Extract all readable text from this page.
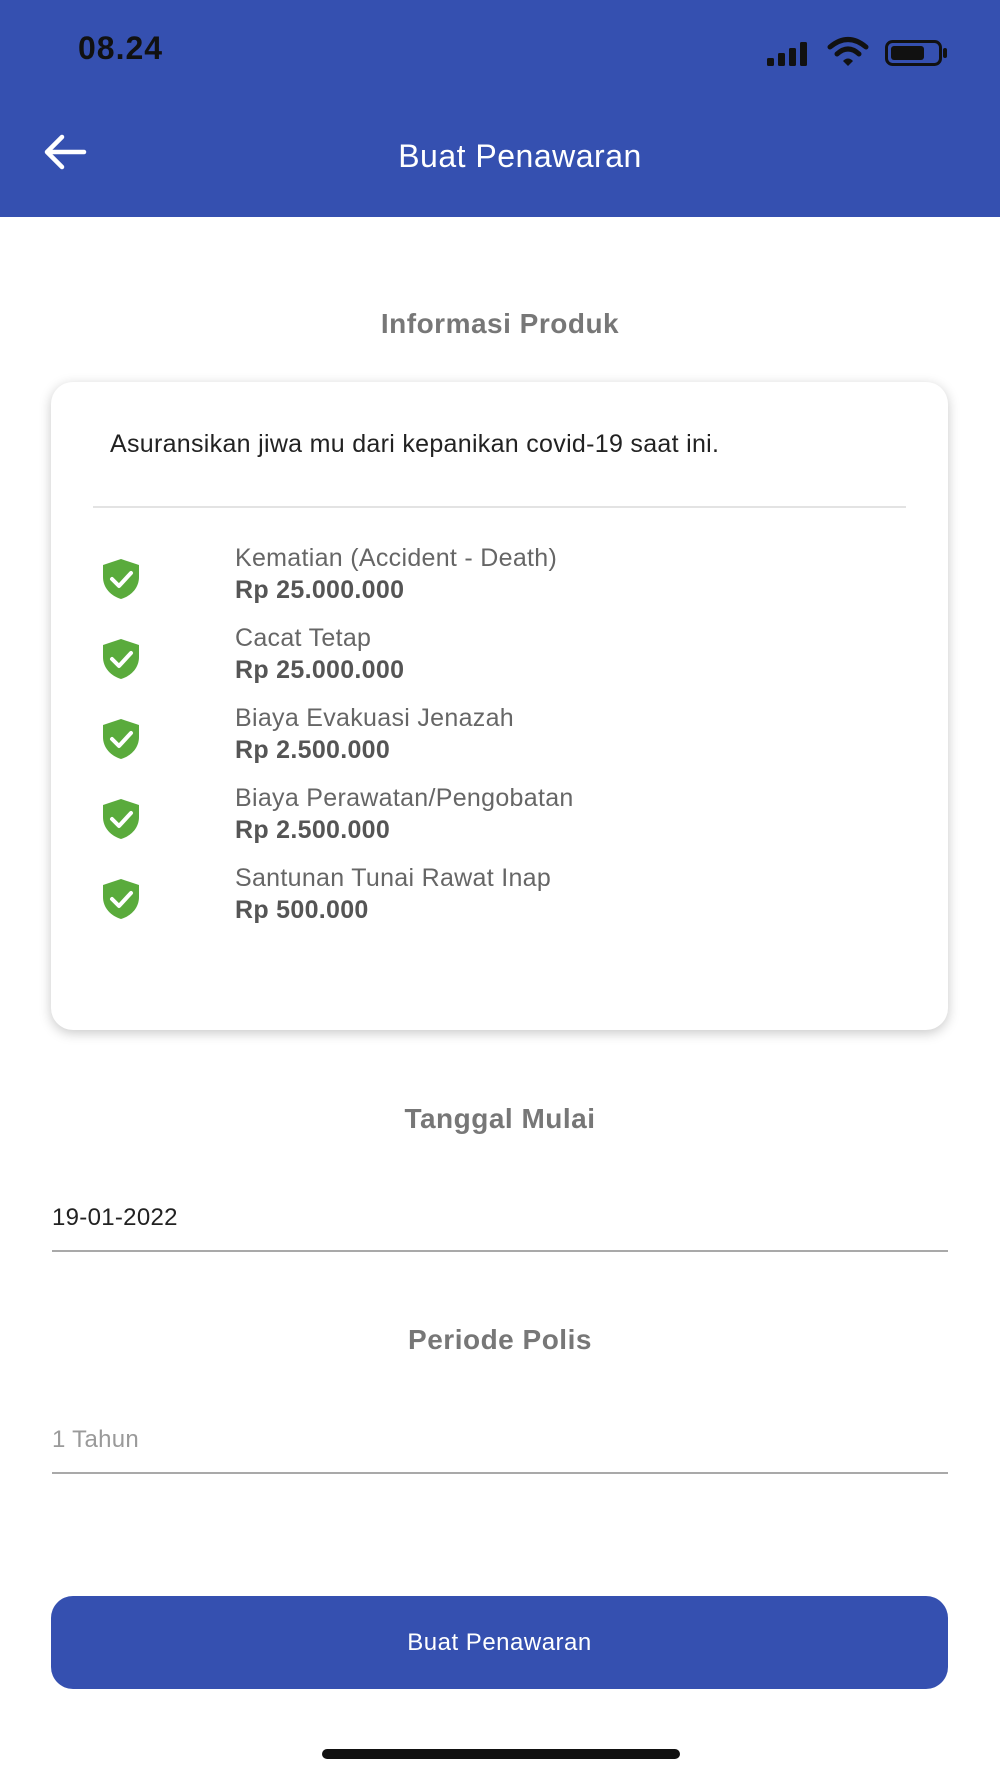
08.24
Buat Penawaran
Informasi Produk
Asuransikan jiwa mu dari kepanikan covid-19 saat ini.
Kematian (Accident - Death)
Rp 25.000.000
Cacat Tetap
Rp 25.000.000
Biaya Evakuasi Jenazah
Rp 2.500.000
Biaya Perawatan/Pengobatan
Rp 2.500.000
Santunan Tunai Rawat Inap
Rp 500.000
Tanggal Mulai
19-01-2022
Periode Polis
1 Tahun
Buat Penawaran
